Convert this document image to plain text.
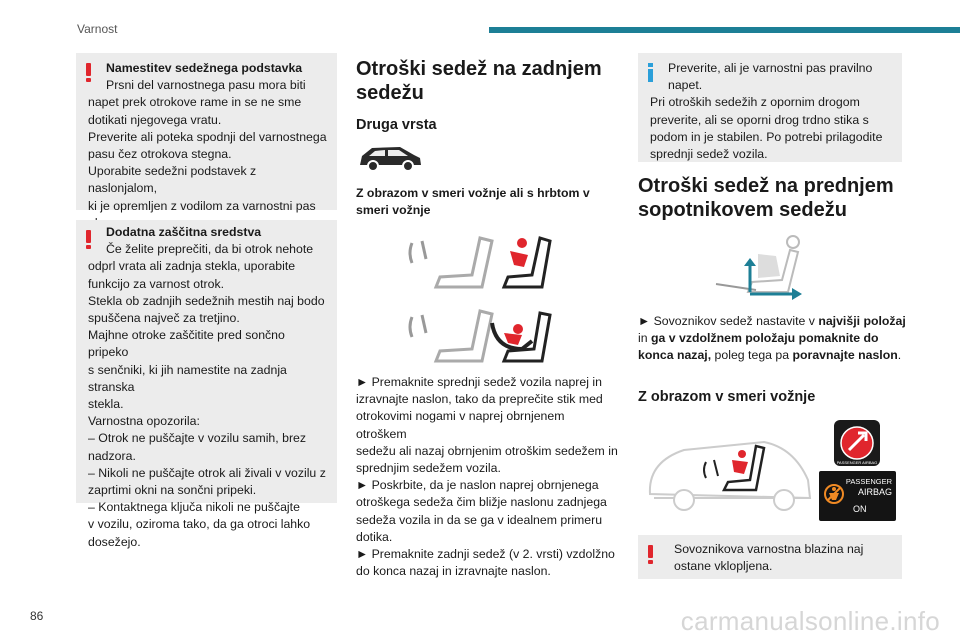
Varnost

Namestitev sedežnega podstavka

Prsni del varnostnega pasu mora biti

napet prek otrokove rame in se ne sme

dotikati njegovega vratu.

Preverite ali poteka spodnji del varnostnega

pasu čez otrokova stegna.

Uporabite sedežni podstavek z naslonjalom,

ki je opremljen z vodilom za varnostni pas

Dodatna zaščitna sredstva

Če želite preprečiti, da bi otrok nehote

odprl vrata ali zadnja stekla, uporabite

funkcijo za varnost otrok.

Stekla ob zadnjih sedežnih mestih naj bodo

spuščena največ za tretjino.

Majhne otroke zaščitite pred sončno pripeko

s senčniki, ki jih namestite na zadnja stranska

stekla.

Varnostna opozorila:

– Otrok ne puščajte v vozilu samih, brez

nadzora.

– Nikoli ne puščajte otrok ali živali v vozilu z

zaprtimi okni na sončni pripeki.

– Kontaktnega ključa nikoli ne puščajte

v vozilu, oziroma tako, da ga otroci lahko

dosežejo.

Otroški sedež na zadnjem
sedežu
Druga vrsta

Z obrazom v smeri vožnje ali s hrbtom v

smeri vožnje

► Premaknite sprednji sedež vozila naprej in

izravnajte naslon, tako da preprečite stik med

otrokovimi nogami v naprej obrnjenem otroškem

sedežu ali nazaj obrnjenim otroškim sedežem in

sprednjim sedežem vozila.

► Poskrbite, da je naslon naprej obrnjenega

otroškega sedeža čim bližje naslonu zadnjega

sedeža vozila in da se ga v idealnem primeru

dotika.

► Premaknite zadnji sedež (v 2. vrsti) vzdolžno

do konca nazaj in izravnajte naslon.

Preverite, ali je varnostni pas pravilno

napet.

Pri otroških sedežih z opornim drogom

preverite, ali se oporni drog trdno stika s

podom in je stabilen. Po potrebi prilagodite

sprednji sedež vozila.

Otroški sedež na prednjem
sopotnikovem sedežu

► Sovoznikov sedež nastavite v najvišji položaj in ga v vzdolžnem položaju pomaknite do konca nazaj, poleg tega pa poravnajte naslon.

Z obrazom v smeri vožnje
PASSENGER AIRBAG
PASSENGER
AIRBAG
ON

Sovoznikova varnostna blazina naj

ostane vklopljena.

86	carmanualsonline.info
